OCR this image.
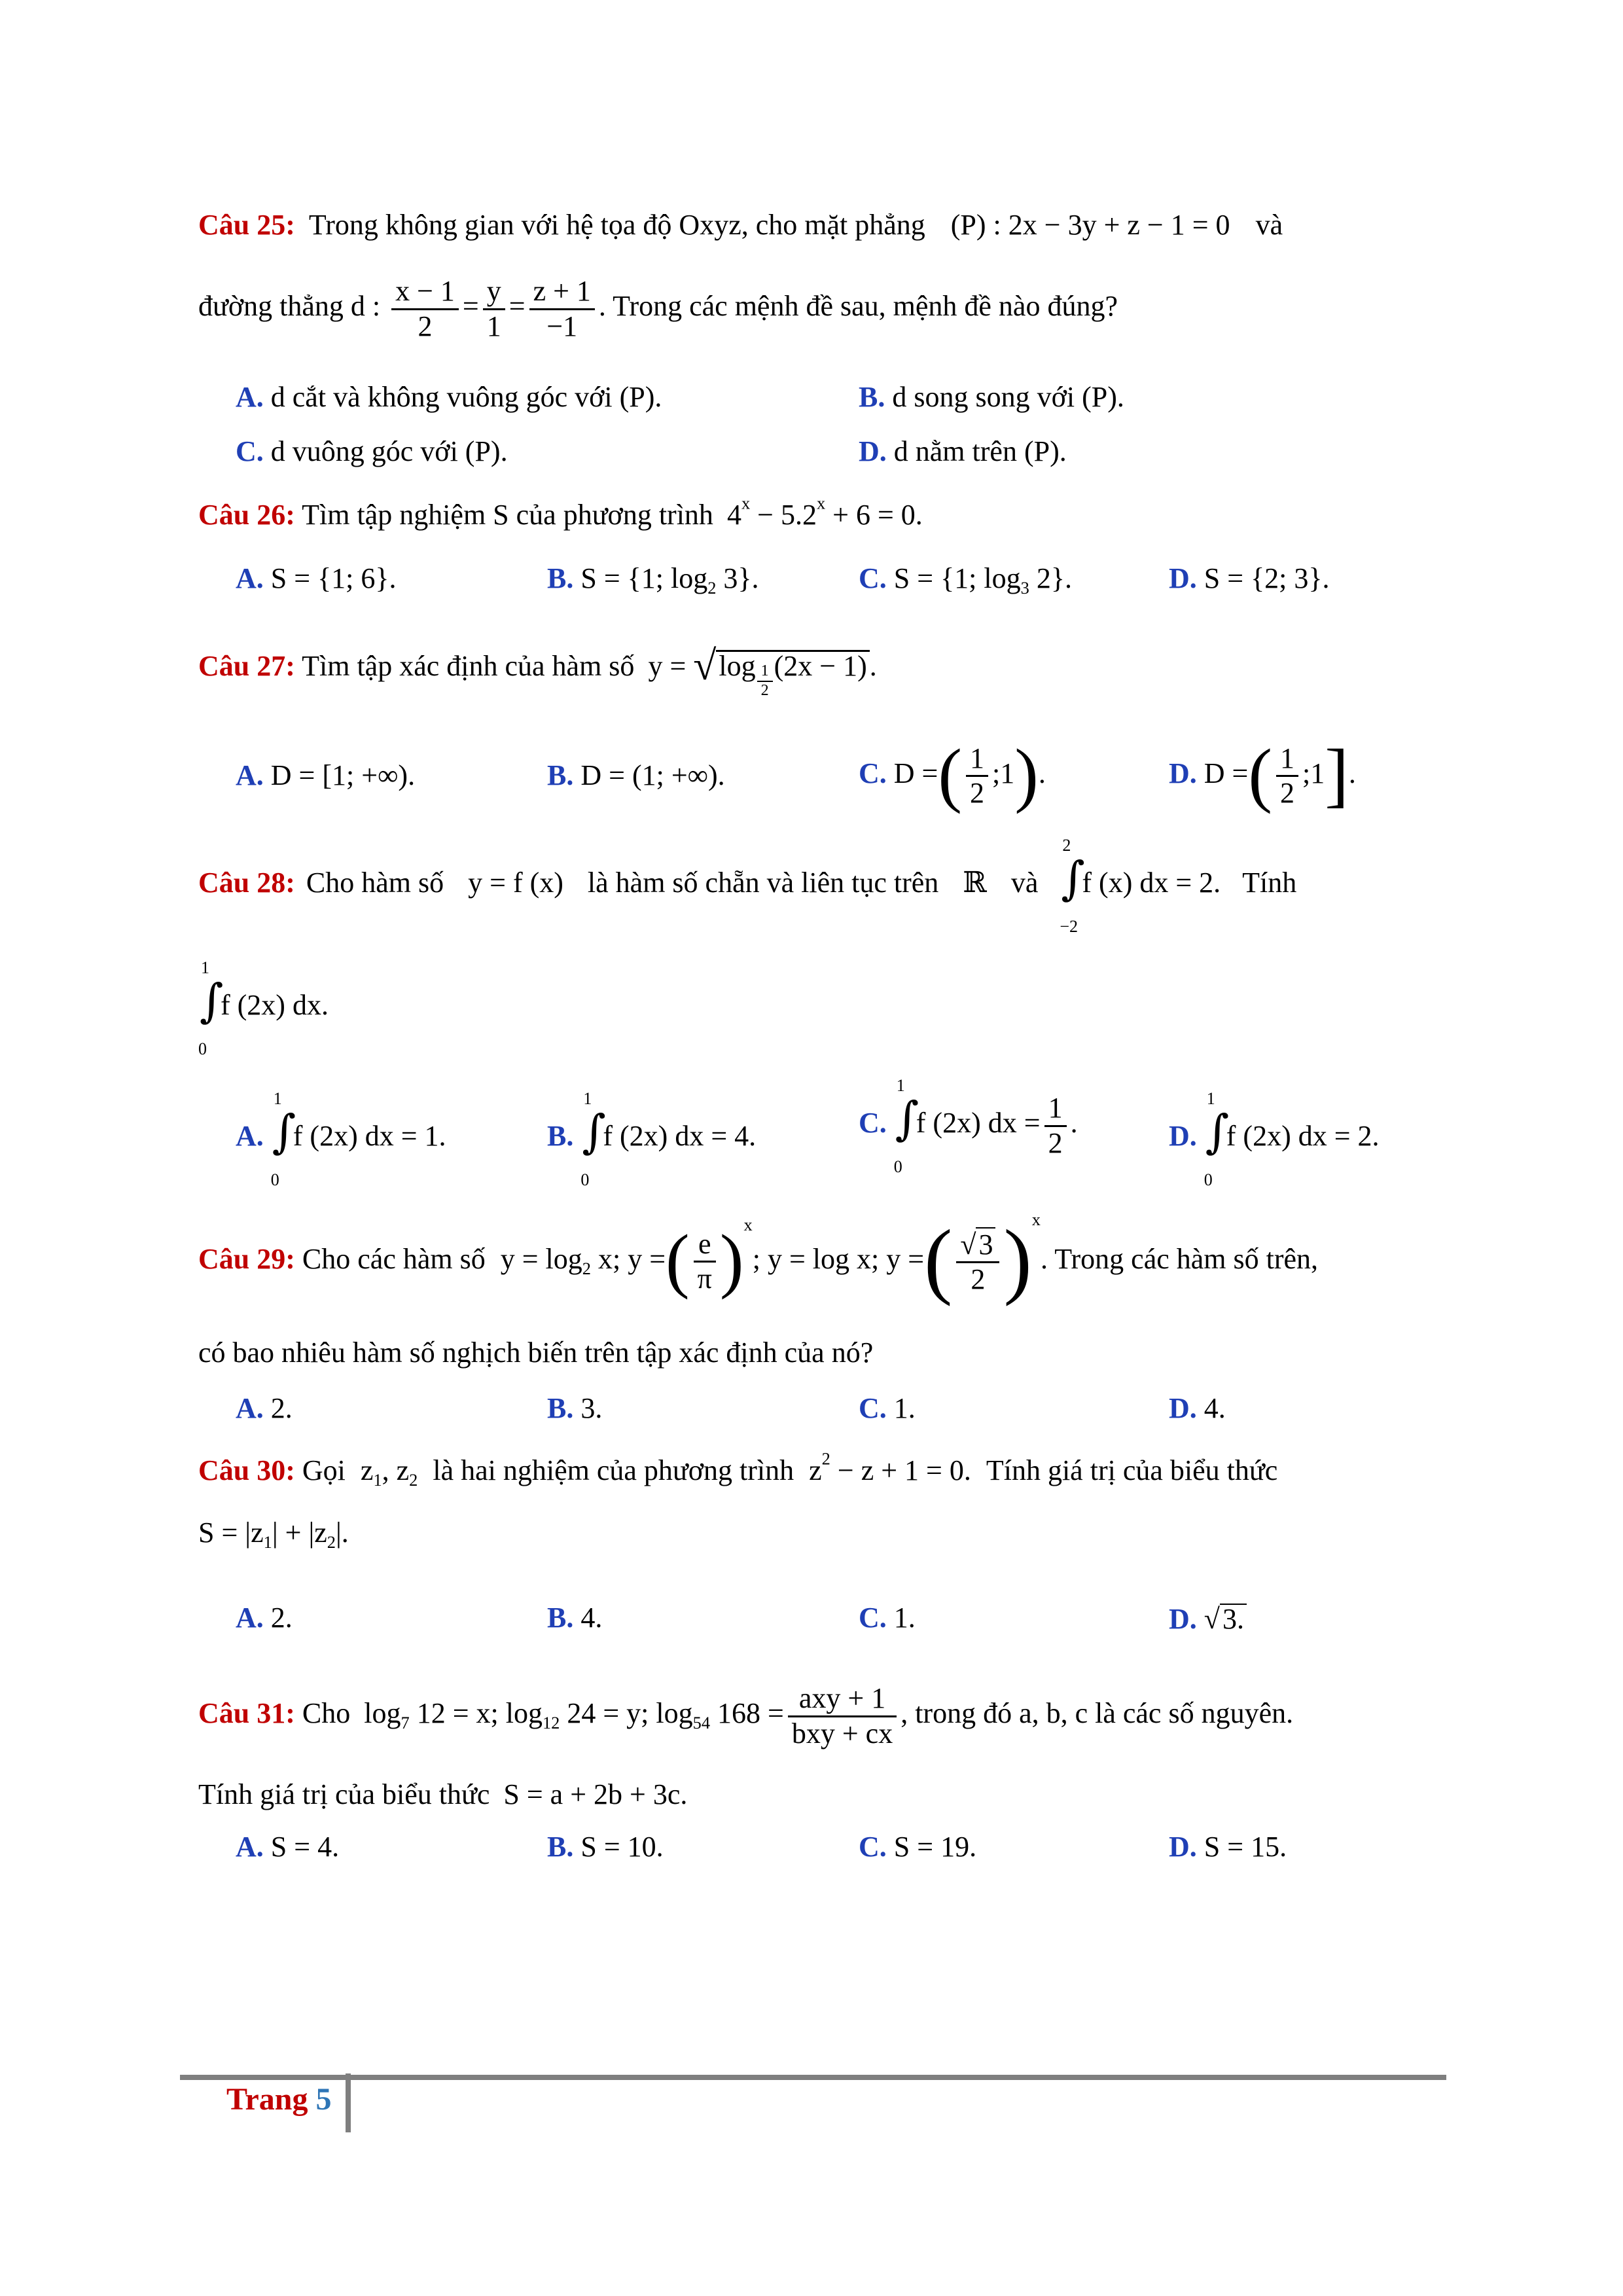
Câu 25: Trong không gian với hệ tọa độ Oxyz, cho mặt phẳng (P) : 2x − 3y + z − 1 = 0 và
đường thẳng d : $\frac{x - 1}{2} = \frac{y}{1} = \frac{z + 1}{-1}$ . Trong các mệnh đề sau, mệnh đề nào đúng?
A. d cắt và không vuông góc với (P).	B. d song song với (P).
C. d vuông góc với (P).	D. d nằm trên (P).
Câu 26: Tìm tập nghiệm S của phương trình $4^x - 5.2^x + 6 = 0$.
A. S = {1; 6}.	B. S = {1; $\log_2 3$}.	C. S = {1; $\log_3 2$}.	D. S = {2; 3}.
Câu 27: Tìm tập xác định của hàm số $y = √\log \frac{1}{2} (2x - 1)$.
A. D = [1; +∞).	B. D = (1; +∞).	C. D =( $\frac{1}{2}$ ;1).	D. D =( $\frac{1}{2}$ ;1].
Câu 28: Cho hàm số y = f (x) là hàm số chẵn và liên tục trên ℝ và
2
∫
−2
f (x) dx = 2. Tính
1
∫
0
f (2x) dx.
A.
1
∫
0
f (2x) dx = 1.	B.
1
∫
0
f (2x) dx = 4.	C.
1
∫
0
f (2x) dx = $\frac{1}{2}$ .	D.
1
∫
0
f (2x) dx = 2.
Câu 29: Cho các hàm số $y = \log_2 x$; y =( $\frac{e}{\pi} )^x$; y = log x; y =( $\frac{√3}{2} )^x$. Trong các hàm số trên,
có bao nhiêu hàm số nghịch biến trên tập xác định của nó?
A. 2.	B. 3.	C. 1.	D. 4.
Câu 30: Gọi $z_1$, $z_2$ là hai nghiệm của phương trình $z^2 - z + 1 = 0$. Tính giá trị của biểu thức
$S = |z_1| + |z_2|$.
A. 2.	B. 4.	C. 1.	D. √3.
Câu 31: Cho $\log_7 12 = x$; $\log_{12} 24 = y$; $\log_{54} 168 = \frac{\text{axy + 1}}{\text{bxy + cx}}$ , trong đó a, b, c là các số nguyên.
Tính giá trị của biểu thức S = a + 2b + 3c.
A. S = 4.	B. S = 10.	C. S = 19.	D. S = 15.
Trang 5
